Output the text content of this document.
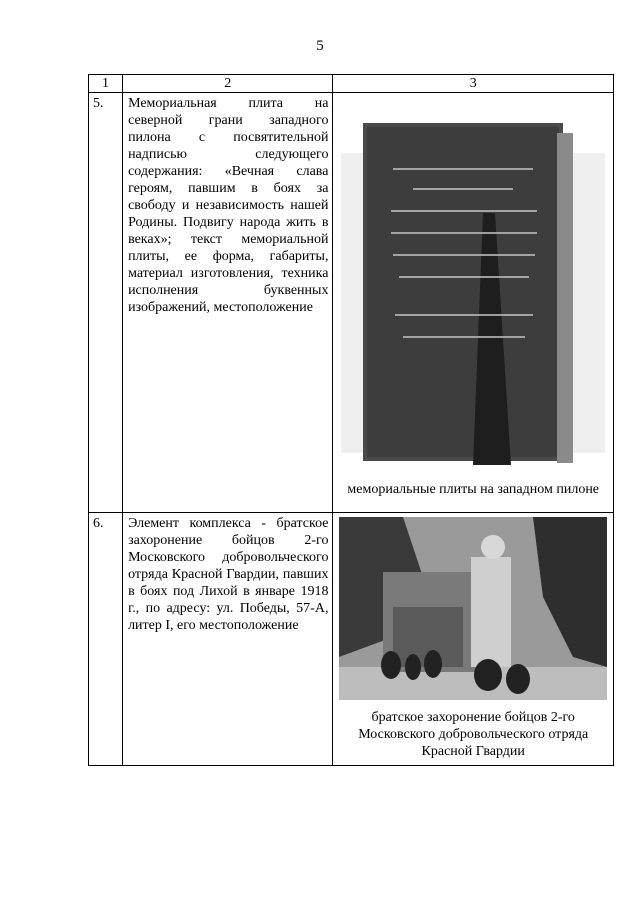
5
1	2	3
5.	Мемориальная плита на северной грани западного пилона с посвятительной надписью следующего содержания: «Вечная слава героям, павшим в боях за свободу и независимость нашей Родины. Подвигу народа жить в веках»; текст мемориальной плиты, ее форма, габариты, материал изготовления, техника исполнения буквенных изображений, местоположение	мемориальные плиты на западном пилоне

6.	Элемент комплекса - братское захоронение бойцов 2-го Московского добровольческого отряда Красной Гвардии, павших в боях под Лихой в январе 1918 г., по адресу: ул. Победы, 57-А, литер I, его местоположение	братское захоронение бойцов 2-го Московского добровольческого отряда Красной Гвардии
